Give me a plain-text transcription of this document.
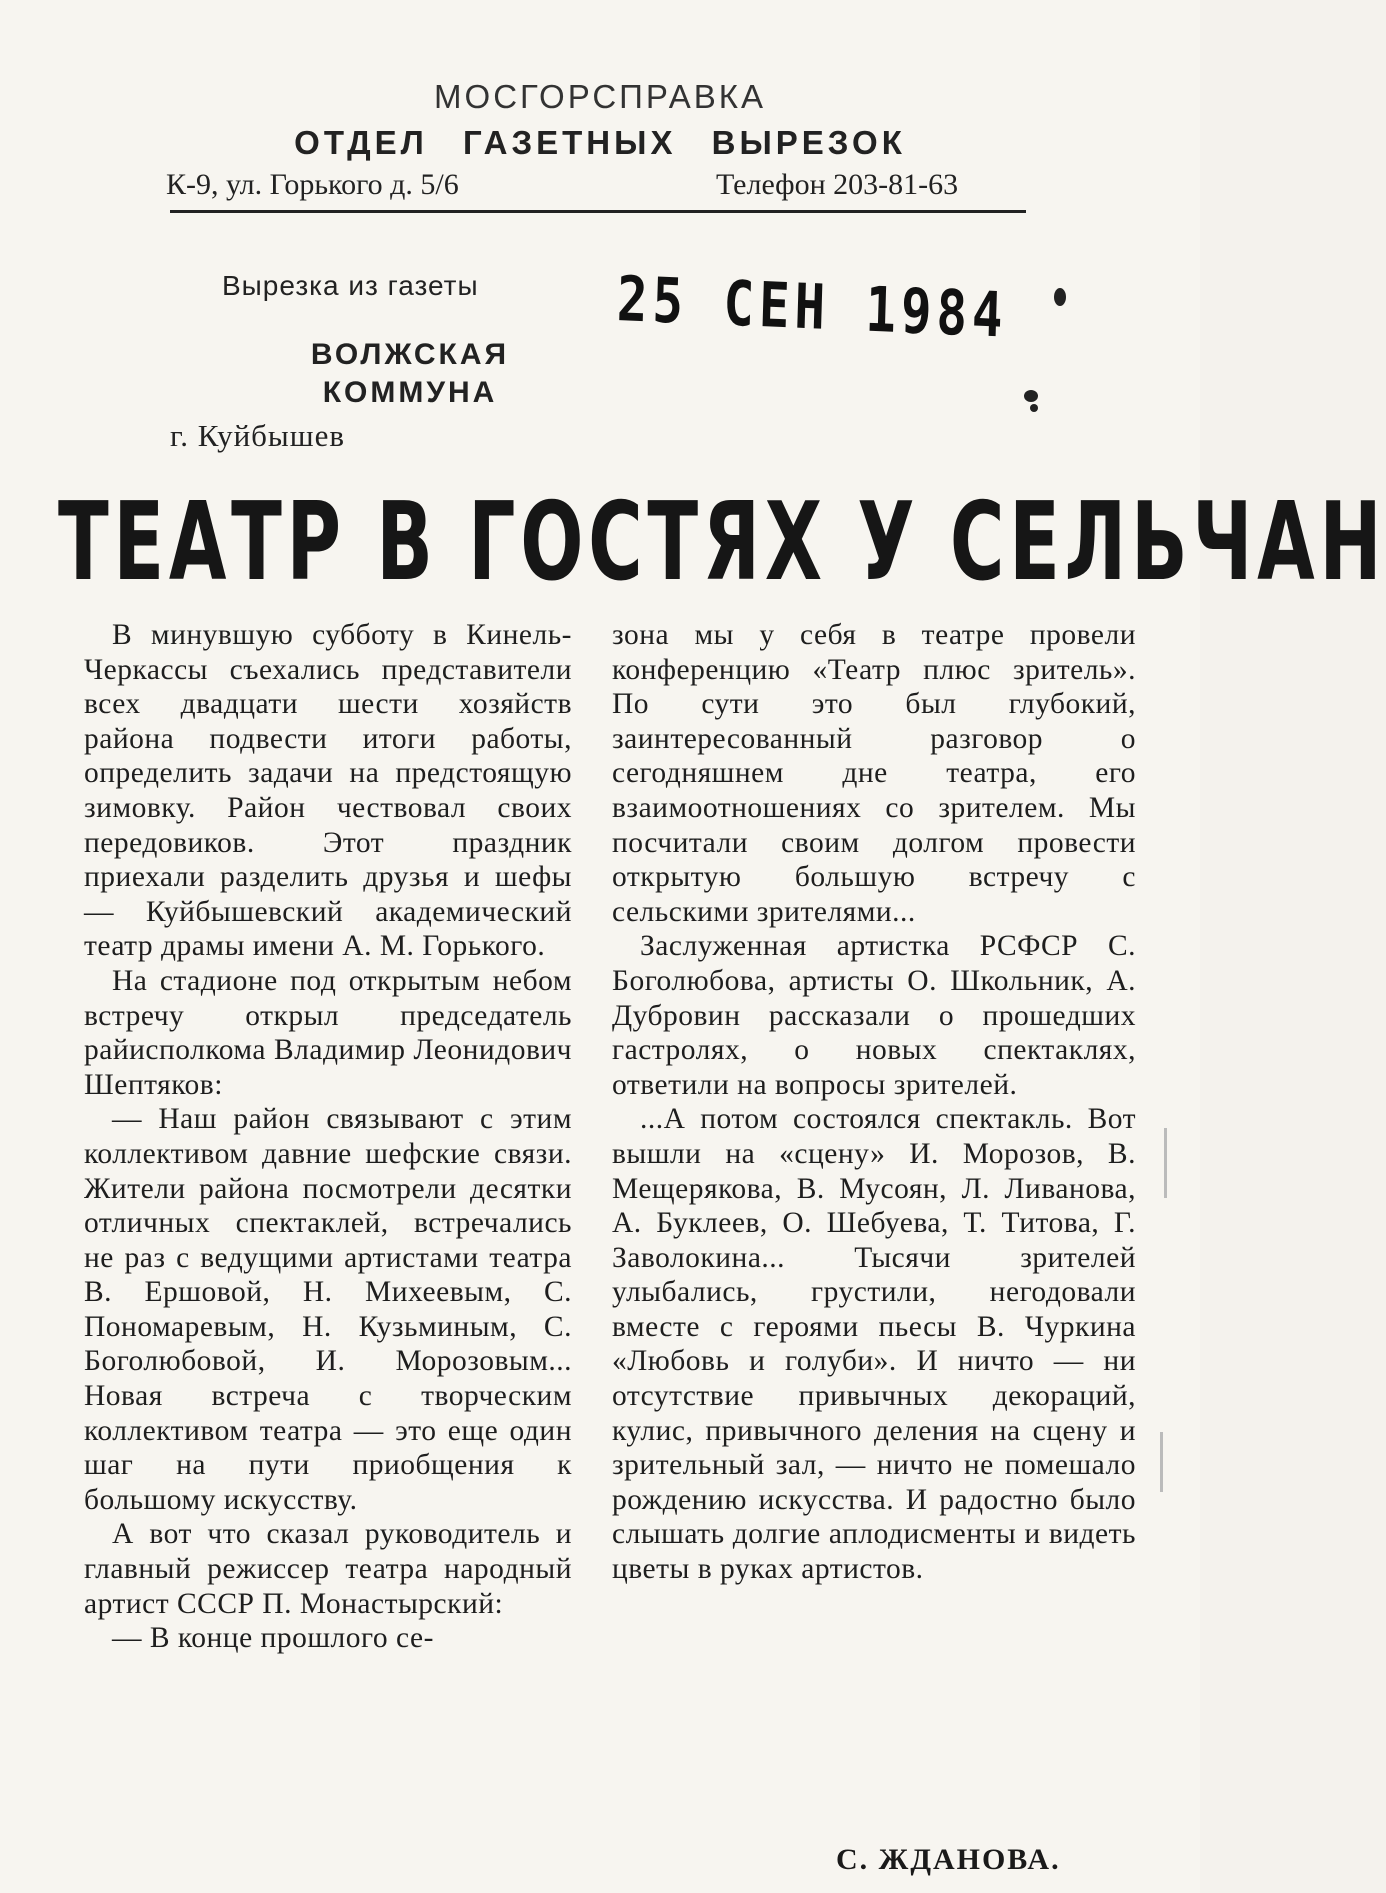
МОСГОРСПРАВКА
ОТДЕЛ ГАЗЕТНЫХ ВЫРЕЗОК
К-9, ул. Горького д. 5/6	Телефон 203-81-63
Вырезка из газеты
ВОЛЖСКАЯ КОММУНА
г. Куйбышев
25 СЕН 1984
ТЕАТР В ГОСТЯХ У СЕЛЬЧАН

В минувшую субботу в Кинель-Черкассы съехались представители всех двадцати шести хозяйств района подвести итоги работы, определить задачи на предстоящую зимовку. Район чествовал своих передовиков. Этот праздник приехали разделить друзья и шефы — Куйбышевский академический театр драмы имени А. М. Горького.

На стадионе под открытым небом встречу открыл председатель райисполкома Владимир Леонидович Шептяков:

— Наш район связывают с этим коллективом давние шефские связи. Жители района посмотрели десятки отличных спектаклей, встречались не раз с ведущими артистами театра В. Ершовой, Н. Михеевым, С. Пономаревым, Н. Кузьминым, С. Боголюбовой, И. Морозовым... Новая встреча с творческим коллективом театра — это еще один шаг на пути приобщения к большому искусству.

А вот что сказал руководитель и главный режиссер театра народный артист СССР П. Монастырский:

— В конце прошлого се-

зона мы у себя в театре провели конференцию «Театр плюс зритель». По сути это был глубокий, заинтересованный разговор о сегодняшнем дне театра, его взаимоотношениях со зрителем. Мы посчитали своим долгом провести открытую большую встречу с сельскими зрителями...

Заслуженная артистка РСФСР С. Боголюбова, артисты О. Школьник, А. Дубровин рассказали о прошедших гастролях, о новых спектаклях, ответили на вопросы зрителей.

...А потом состоялся спектакль. Вот вышли на «сцену» И. Морозов, В. Мещерякова, В. Мусоян, Л. Ливанова, А. Буклеев, О. Шебуева, Т. Титова, Г. Заволокина... Тысячи зрителей улыбались, грустили, негодовали вместе с героями пьесы В. Чуркина «Любовь и голуби». И ничто — ни отсутствие привычных декораций, кулис, привычного деления на сцену и зрительный зал, — ничто не помешало рождению искусства. И радостно было слышать долгие аплодисменты и видеть цветы в руках артистов.

С. ЖДАНОВА.
